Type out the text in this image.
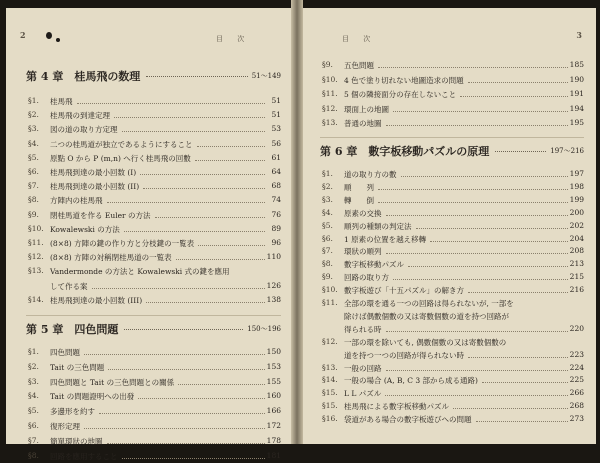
2	目 次
第 4 章　桂馬飛の数理	51～149
§1. 桂馬飛	51
§2. 桂馬飛の到達定理	51
§3. 図の道の取り方定理	53
§4. 二つの桂馬道が独立であるようにすること	56
§5. 原點 O から P (m,n) へ行く桂馬飛の回數	61
§6. 桂馬飛到達の最小回数 (I)	64
§7. 桂馬飛到達の最小回数 (II)	68
§8. 方陣内の桂馬飛	74
§9. 閉桂馬道を作る Euler の方法	76
§10. Kowalewski の方法	89
§11. (8×8) 方陣の鍵の作り方と分枝鍵の一覧表	96
§12. (8×8) 方陣の対稱閉桂馬道の一覧表	110
§13. Vandermonde の方法と Kowalewski 式の鍵を應用
して作る案	126
§14. 桂馬飛到達の最小回数 (III)	138
第 5 章　四色問題	150～196
§1. 四色問題	150
§2. Tait の三色問題	153
§3. 四色問題と Tait の三色問題との關係	155
§4. Tait の問題證明への出發	160
§5. 多邊形を約す	166
§6. 復形定理	172
§7. 簡單環狀の地圖	178
§8. 回路を應用すること	181
目 次	3
§9. 五色問題	185
§10. 4 色で塗り切れない地圖造求の問題	190
§11. 5 個の隣接面分の存在しないこと	191
§12. 環面上の地圖	194
§13. 普通の地圖	195
第 6 章　數字板移動パズルの原理	197～216
§1. 道の取り方の數	197
§2. 順　　列	198
§3. 轉　　倒	199
§4. 原素の交換	200
§5. 順列の種類の判定法	202
§6. 1 原素の位置を越え移轉	204
§7. 環狀の順列	208
§8. 數字板移動パズル	213
§9. 回路の取り方	215
§10. 數字板遊び「十五パズル」の解き方	216
§11. 全部の環を通る一つの回路は得られないが, 一部を
除けば偶數個數の又は寄數個數の道を持つ回路が
得られる時	220
§12. 一部の環を除いても, 偶數個數の又は寄數個數の
道を持つ一つの回路が得られない時	223
§13. 一般の回路	224
§14. 一般の場合 (A, B, C 3 部から成る通路)	225
§15. L L パズル	266
§15. 桂馬飛による數字板移動パズル	268
§16. 袋道がある場合の數字板遊びへの問題	273
